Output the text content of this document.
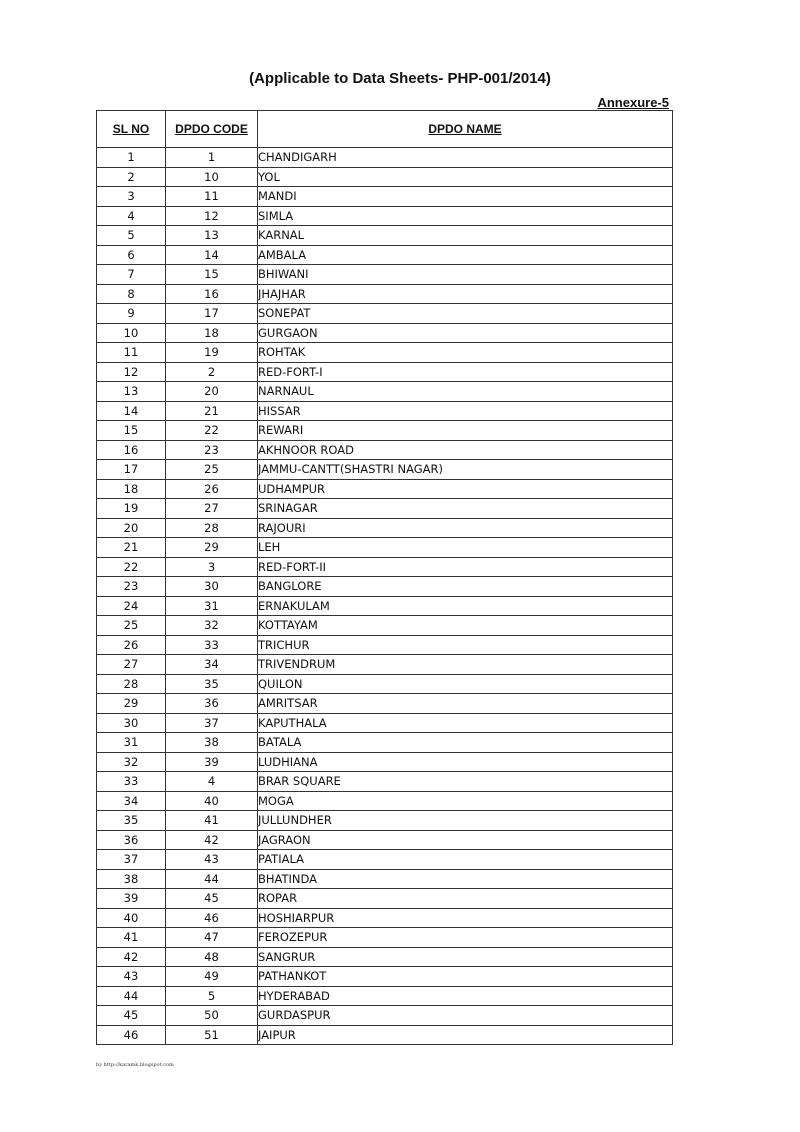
(Applicable to Data Sheets- PHP-001/2014)
Annexure-5
SL NO	DPDO CODE	DPDO NAME
1	1	CHANDIGARH
2	10	YOL
3	11	MANDI
4	12	SIMLA
5	13	KARNAL
6	14	AMBALA
7	15	BHIWANI
8	16	JHAJHAR
9	17	SONEPAT
10	18	GURGAON
11	19	ROHTAK
12	2	RED-FORT-I
13	20	NARNAUL
14	21	HISSAR
15	22	REWARI
16	23	AKHNOOR ROAD
17	25	JAMMU-CANTT(SHASTRI NAGAR)
18	26	UDHAMPUR
19	27	SRINAGAR
20	28	RAJOURI
21	29	LEH
22	3	RED-FORT-II
23	30	BANGLORE
24	31	ERNAKULAM
25	32	KOTTAYAM
26	33	TRICHUR
27	34	TRIVENDRUM
28	35	QUILON
29	36	AMRITSAR
30	37	KAPUTHALA
31	38	BATALA
32	39	LUDHIANA
33	4	BRAR SQUARE
34	40	MOGA
35	41	JULLUNDHER
36	42	JAGRAON
37	43	PATIALA
38	44	BHATINDA
39	45	ROPAR
40	46	HOSHIARPUR
41	47	FEROZEPUR
42	48	SANGRUR
43	49	PATHANKOT
44	5	HYDERABAD
45	50	GURDASPUR
46	51	JAIPUR
by http://karamk.blogspot.com
